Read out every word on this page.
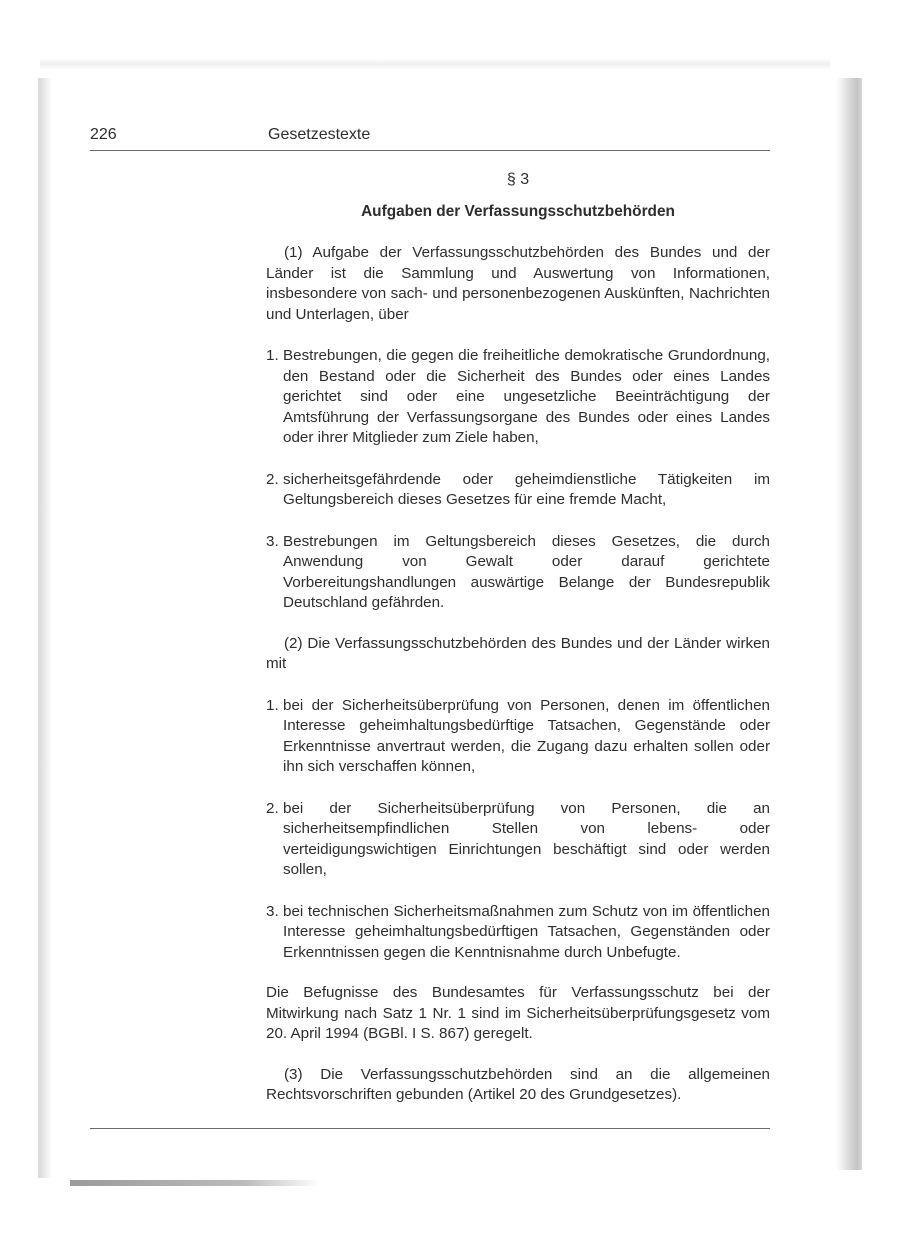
226	Gesetzestexte
§ 3
Aufgaben der Verfassungsschutzbehörden

(1) Aufgabe der Verfassungsschutzbehörden des Bundes und der Länder ist die Sammlung und Auswertung von Informationen, insbesondere von sach- und personenbezogenen Auskünften, Nachrichten und Unterlagen, über

1. Bestrebungen, die gegen die freiheitliche demokratische Grundordnung, den Bestand oder die Sicherheit des Bundes oder eines Landes gerichtet sind oder eine ungesetzliche Beeinträchtigung der Amtsführung der Verfassungsorgane des Bundes oder eines Landes oder ihrer Mitglieder zum Ziele haben,
2. sicherheitsgefährdende oder geheimdienstliche Tätigkeiten im Geltungsbereich dieses Gesetzes für eine fremde Macht,
3. Bestrebungen im Geltungsbereich dieses Gesetzes, die durch Anwendung von Gewalt oder darauf gerichtete Vorbereitungshandlungen auswärtige Belange der Bundesrepublik Deutschland gefährden.

(2) Die Verfassungsschutzbehörden des Bundes und der Länder wirken mit

1. bei der Sicherheitsüberprüfung von Personen, denen im öffentlichen Interesse geheimhaltungsbedürftige Tatsachen, Gegenstände oder Erkenntnisse anvertraut werden, die Zugang dazu erhalten sollen oder ihn sich verschaffen können,
2. bei der Sicherheitsüberprüfung von Personen, die an sicherheitsempfindlichen Stellen von lebens- oder verteidigungswichtigen Einrichtungen beschäftigt sind oder werden sollen,
3. bei technischen Sicherheitsmaßnahmen zum Schutz von im öffentlichen Interesse geheimhaltungsbedürftigen Tatsachen, Gegenständen oder Erkenntnissen gegen die Kenntnisnahme durch Unbefugte.

Die Befugnisse des Bundesamtes für Verfassungsschutz bei der Mitwirkung nach Satz 1 Nr. 1 sind im Sicherheitsüberprüfungsgesetz vom 20. April 1994 (BGBl. I S. 867) geregelt.

(3) Die Verfassungsschutzbehörden sind an die allgemeinen Rechtsvorschriften gebunden (Artikel 20 des Grundgesetzes).
